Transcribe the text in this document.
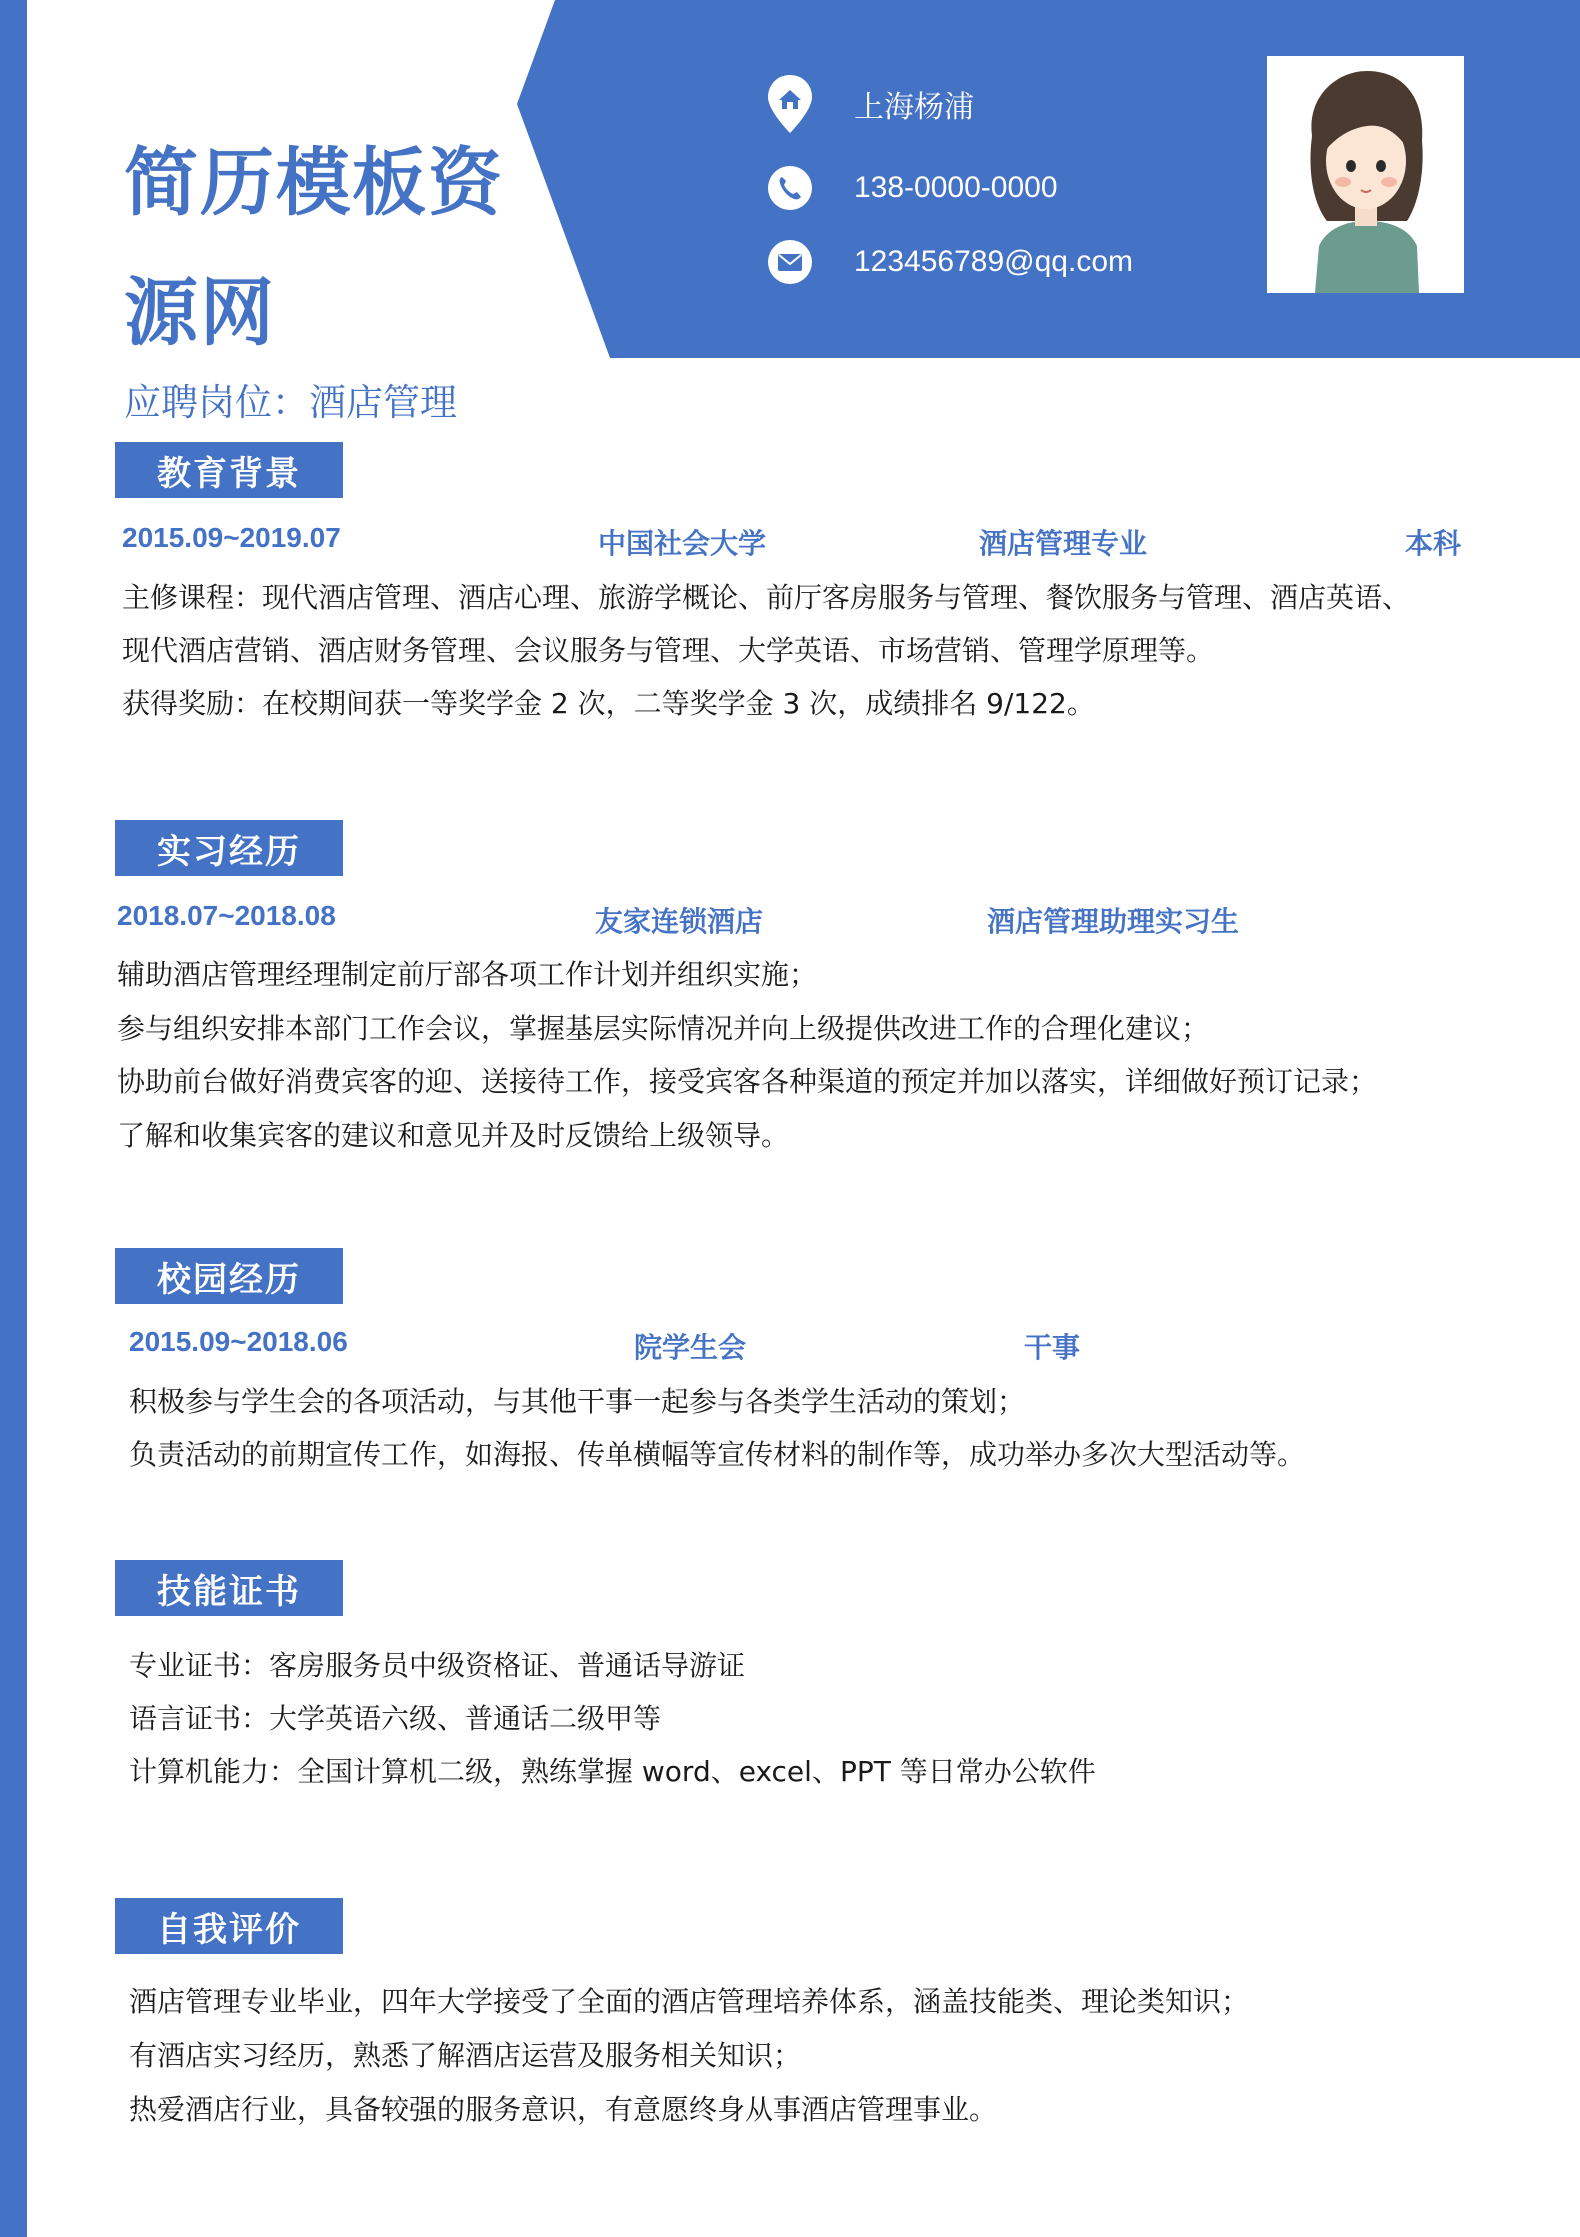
简历模板资源网
应聘岗位：酒店管理
上海杨浦
138-0000-0000
123456789@qq.com
教育背景
2015.09~2019.07	中国社会大学	酒店管理专业	本科
主修课程：现代酒店管理、酒店心理、旅游学概论、前厅客房服务与管理、餐饮服务与管理、酒店英语、
现代酒店营销、酒店财务管理、会议服务与管理、大学英语、市场营销、管理学原理等。
获得奖励：在校期间获一等奖学金 2 次，二等奖学金 3 次，成绩排名 9/122。
实习经历
2018.07~2018.08	友家连锁酒店	酒店管理助理实习生
辅助酒店管理经理制定前厅部各项工作计划并组织实施；
参与组织安排本部门工作会议，掌握基层实际情况并向上级提供改进工作的合理化建议；
协助前台做好消费宾客的迎、送接待工作，接受宾客各种渠道的预定并加以落实，详细做好预订记录；
了解和收集宾客的建议和意见并及时反馈给上级领导。
校园经历
2015.09~2018.06	院学生会	干事
积极参与学生会的各项活动，与其他干事一起参与各类学生活动的策划；
负责活动的前期宣传工作，如海报、传单横幅等宣传材料的制作等，成功举办多次大型活动等。
技能证书
专业证书：客房服务员中级资格证、普通话导游证
语言证书：大学英语六级、普通话二级甲等
计算机能力：全国计算机二级，熟练掌握 word、excel、PPT 等日常办公软件
自我评价
酒店管理专业毕业，四年大学接受了全面的酒店管理培养体系，涵盖技能类、理论类知识；
有酒店实习经历，熟悉了解酒店运营及服务相关知识；
热爱酒店行业，具备较强的服务意识，有意愿终身从事酒店管理事业。
